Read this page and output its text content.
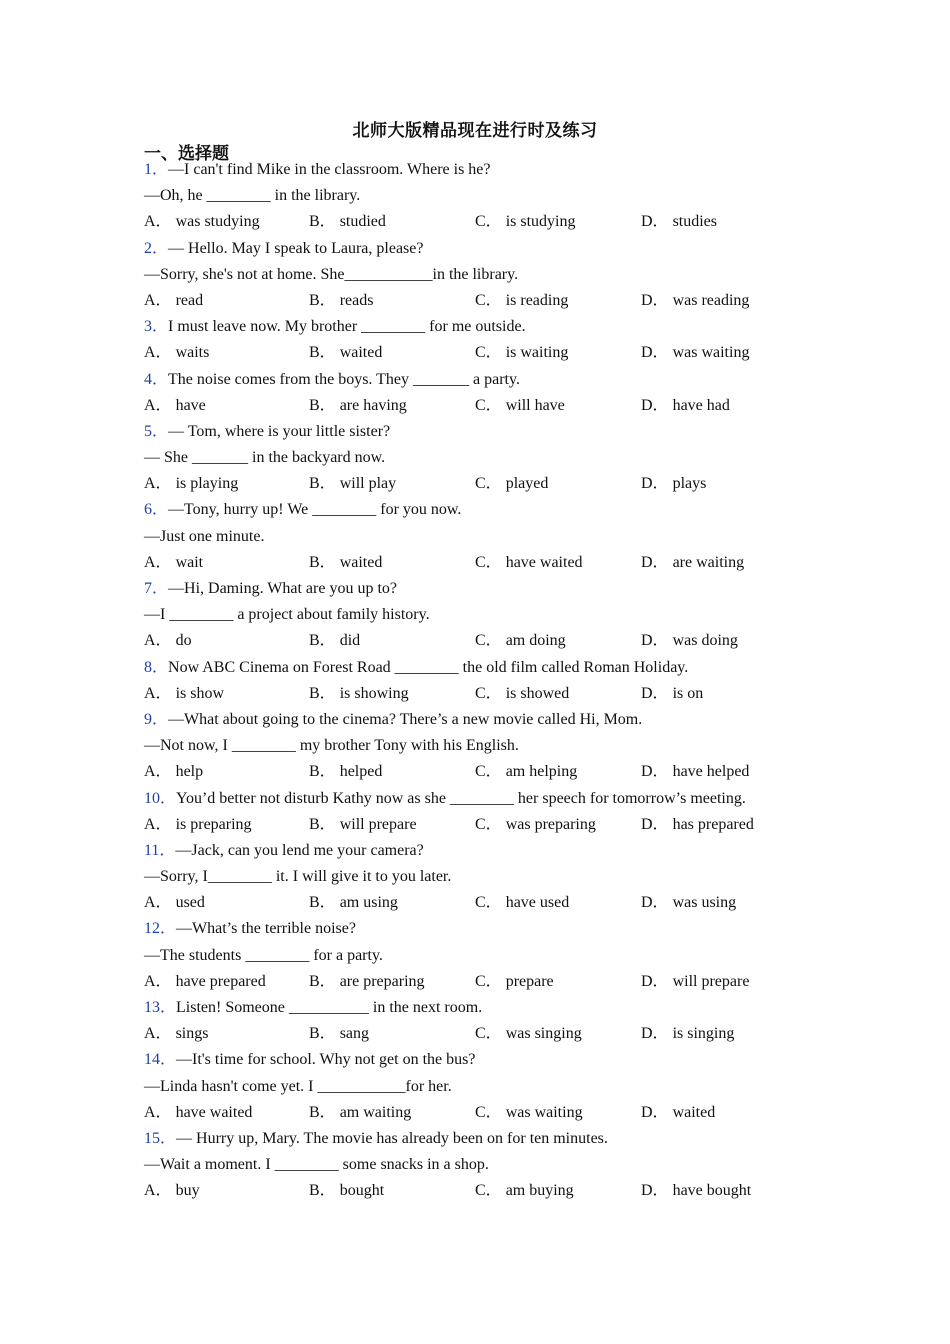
北师大版精品现在进行时及练习
一、选择题
1．—I can't find Mike in the classroom. Where is he?
—Oh, he ________ in the library.
A． was studying	B． studied	C． is studying	D． studies
2．— Hello. May I speak to Laura, please?
—Sorry, she's not at home. She___________in the library.
A． read	B． reads	C． is reading	D． was reading
3．I must leave now. My brother ________ for me outside.
A． waits	B． waited	C． is waiting	D． was waiting
4．The noise comes from the boys. They _______ a party.
A． have	B． are having	C． will have	D． have had
5．— Tom, where is your little sister?
— She _______ in the backyard now.
A． is playing	B． will play	C． played	D． plays
6．—Tony, hurry up! We ________ for you now.
—Just one minute.
A． wait	B． waited	C． have waited	D． are waiting
7．—Hi, Daming. What are you up to?
—I ________ a project about family history.
A． do	B． did	C． am doing	D． was doing
8．Now ABC Cinema on Forest Road ________ the old film called Roman Holiday.
A． is show	B． is showing	C． is showed	D． is on
9．—What about going to the cinema? There’s a new movie called Hi, Mom.
—Not now, I ________ my brother Tony with his English.
A． help	B． helped	C． am helping	D． have helped
10．You’d better not disturb Kathy now as she ________ her speech for tomorrow’s meeting.
A． is preparing	B． will prepare	C． was preparing	D． has prepared
11．—Jack, can you lend me your camera?
—Sorry, I________ it. I will give it to you later.
A． used	B． am using	C． have used	D． was using
12．—What’s the terrible noise?
—The students ________ for a party.
A． have prepared	B． are preparing	C． prepare	D． will prepare
13．Listen! Someone __________ in the next room.
A． sings	B． sang	C． was singing	D． is singing
14．—It's time for school. Why not get on the bus?
—Linda hasn't come yet. I ___________for her.
A． have waited	B． am waiting	C． was waiting	D． waited
15．— Hurry up, Mary. The movie has already been on for ten minutes.
—Wait a moment. I ________ some snacks in a shop.
A． buy	B． bought	C． am buying	D． have bought
